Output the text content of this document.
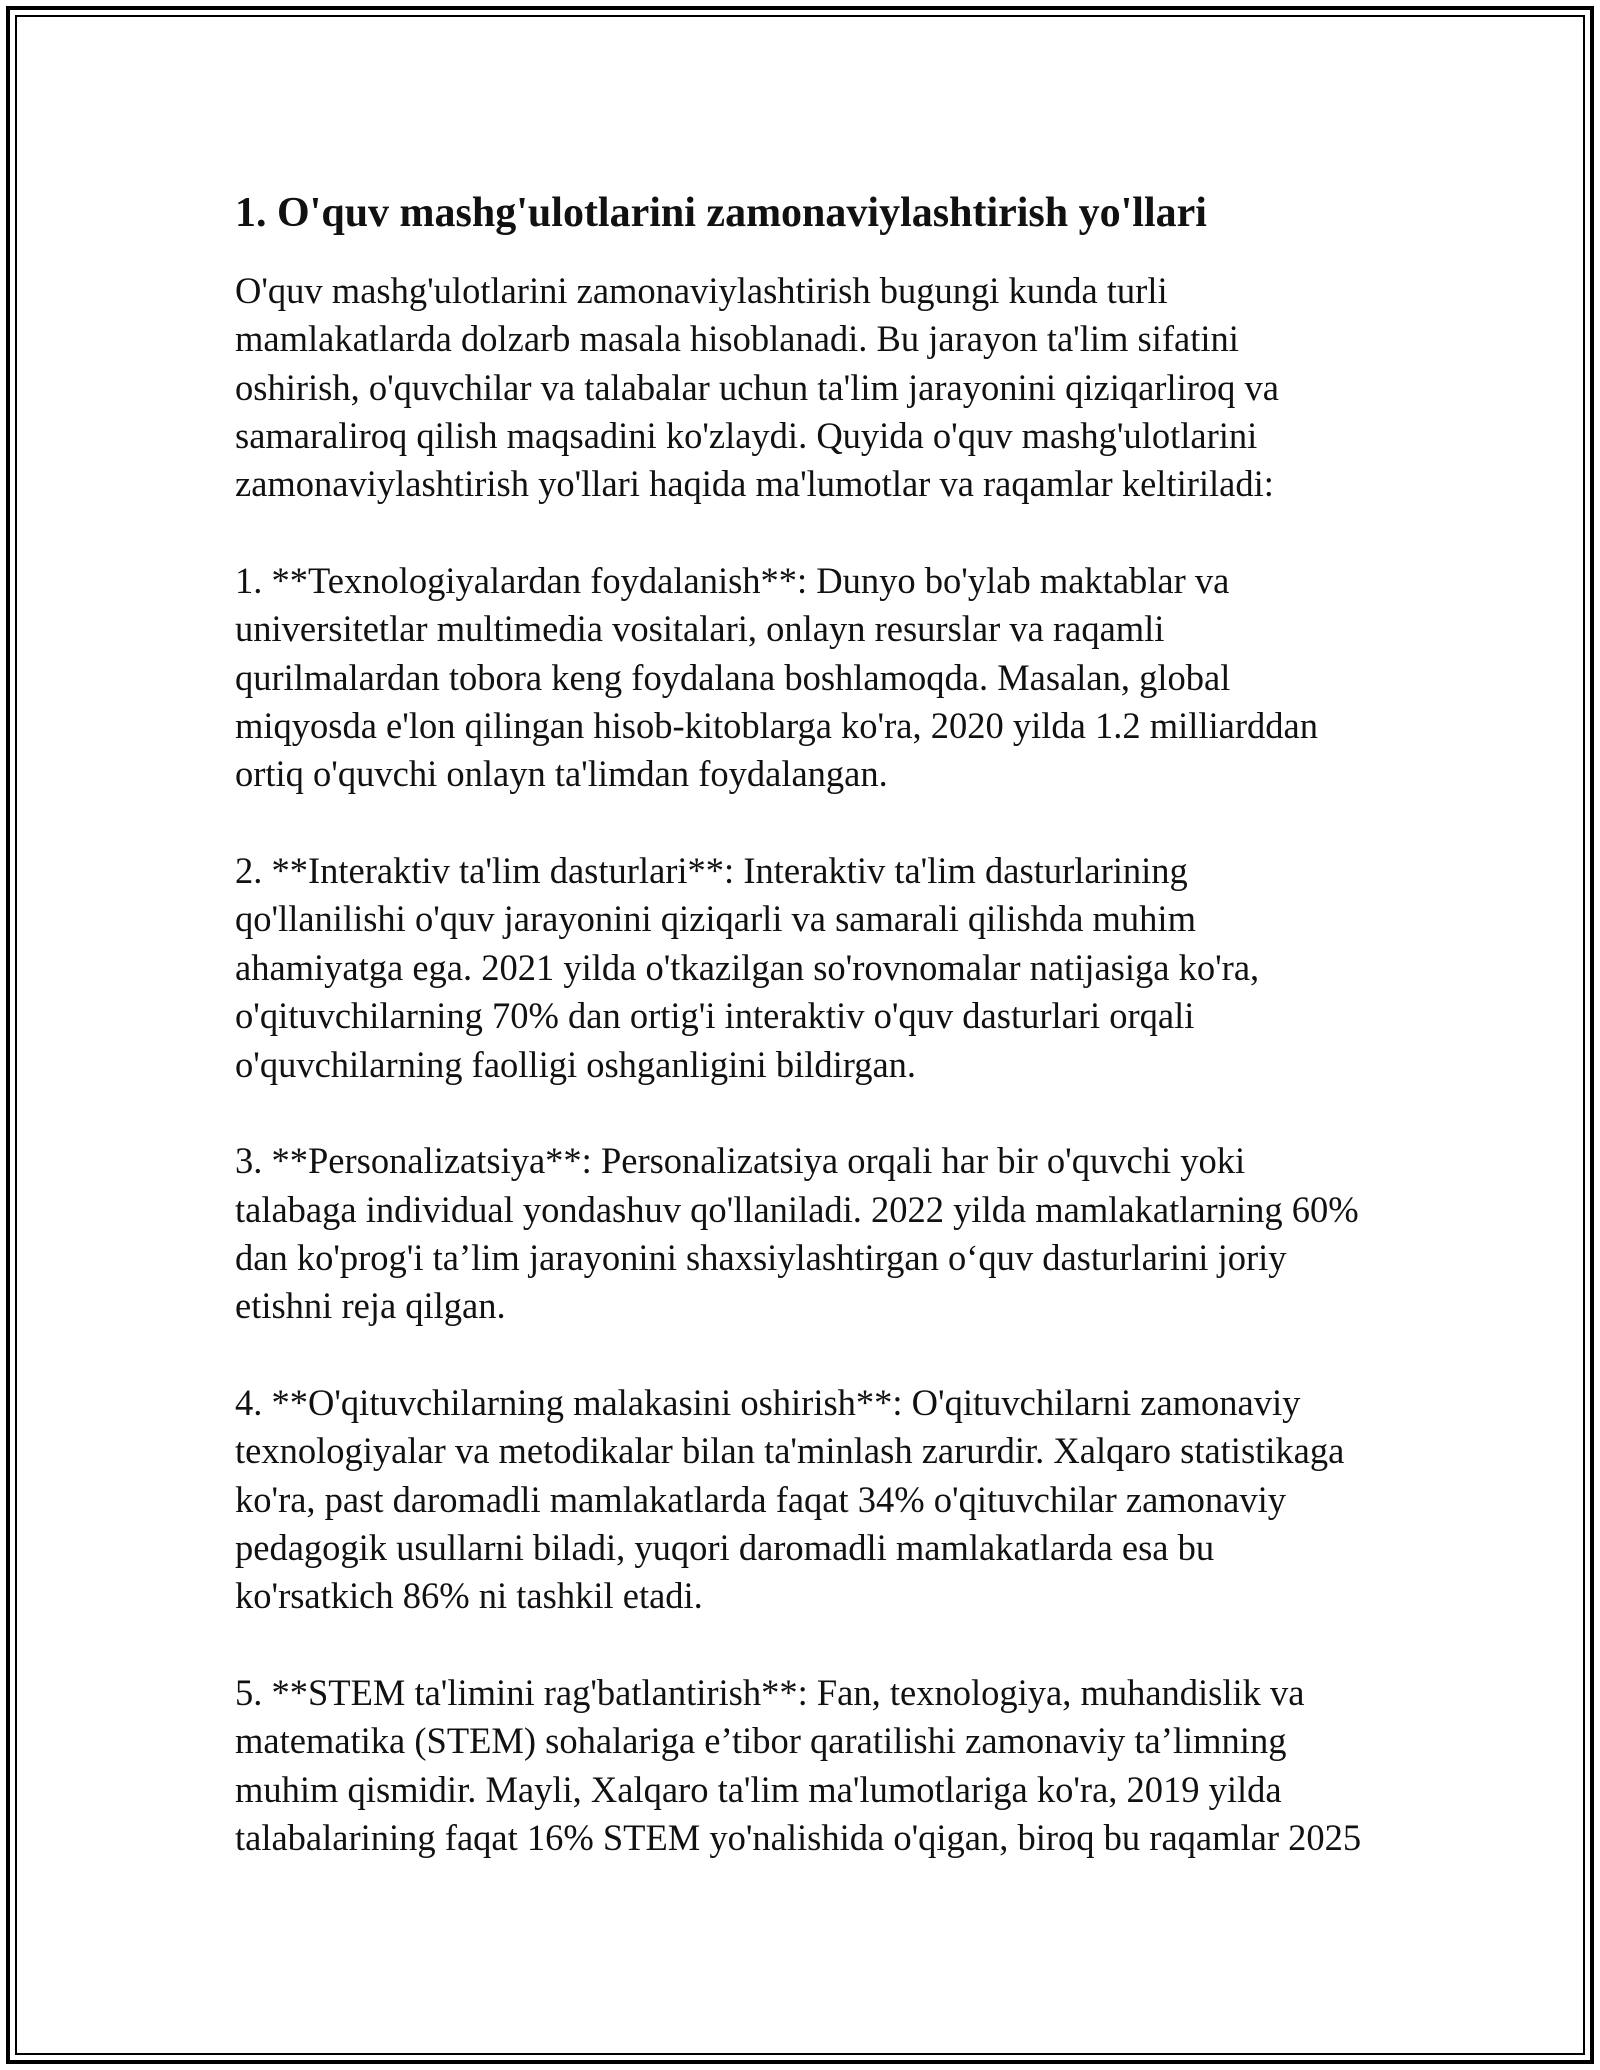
1. O'quv mashg'ulotlarini zamonaviylashtirish yo'llari
O'quv mashg'ulotlarini zamonaviylashtirish bugungi kunda turli
mamlakatlarda dolzarb masala hisoblanadi. Bu jarayon ta'lim sifatini
oshirish, o'quvchilar va talabalar uchun ta'lim jarayonini qiziqarliroq va
samaraliroq qilish maqsadini ko'zlaydi. Quyida o'quv mashg'ulotlarini
zamonaviylashtirish yo'llari haqida ma'lumotlar va raqamlar keltiriladi:
1. **Texnologiyalardan foydalanish**: Dunyo bo'ylab maktablar va
universitetlar multimedia vositalari, onlayn resurslar va raqamli
qurilmalardan tobora keng foydalana boshlamoqda. Masalan, global
miqyosda e'lon qilingan hisob-kitoblarga ko'ra, 2020 yilda 1.2 milliarddan
ortiq o'quvchi onlayn ta'limdan foydalangan.
2. **Interaktiv ta'lim dasturlari**: Interaktiv ta'lim dasturlarining
qo'llanilishi o'quv jarayonini qiziqarli va samarali qilishda muhim
ahamiyatga ega. 2021 yilda o'tkazilgan so'rovnomalar natijasiga ko'ra,
o'qituvchilarning 70% dan ortig'i interaktiv o'quv dasturlari orqali
o'quvchilarning faolligi oshganligini bildirgan.
3. **Personalizatsiya**: Personalizatsiya orqali har bir o'quvchi yoki
talabaga individual yondashuv qo'llaniladi. 2022 yilda mamlakatlarning 60%
dan ko'prog'i ta’lim jarayonini shaxsiylashtirgan o‘quv dasturlarini joriy
etishni reja qilgan.
4. **O'qituvchilarning malakasini oshirish**: O'qituvchilarni zamonaviy
texnologiyalar va metodikalar bilan ta'minlash zarurdir. Xalqaro statistikaga
ko'ra, past daromadli mamlakatlarda faqat 34% o'qituvchilar zamonaviy
pedagogik usullarni biladi, yuqori daromadli mamlakatlarda esa bu
ko'rsatkich 86% ni tashkil etadi.
5. **STEM ta'limini rag'batlantirish**: Fan, texnologiya, muhandislik va
matematika (STEM) sohalariga e’tibor qaratilishi zamonaviy ta’limning
muhim qismidir. Mayli, Xalqaro ta'lim ma'lumotlariga ko'ra, 2019 yilda
talabalarining faqat 16% STEM yo'nalishida o'qigan, biroq bu raqamlar 2025
